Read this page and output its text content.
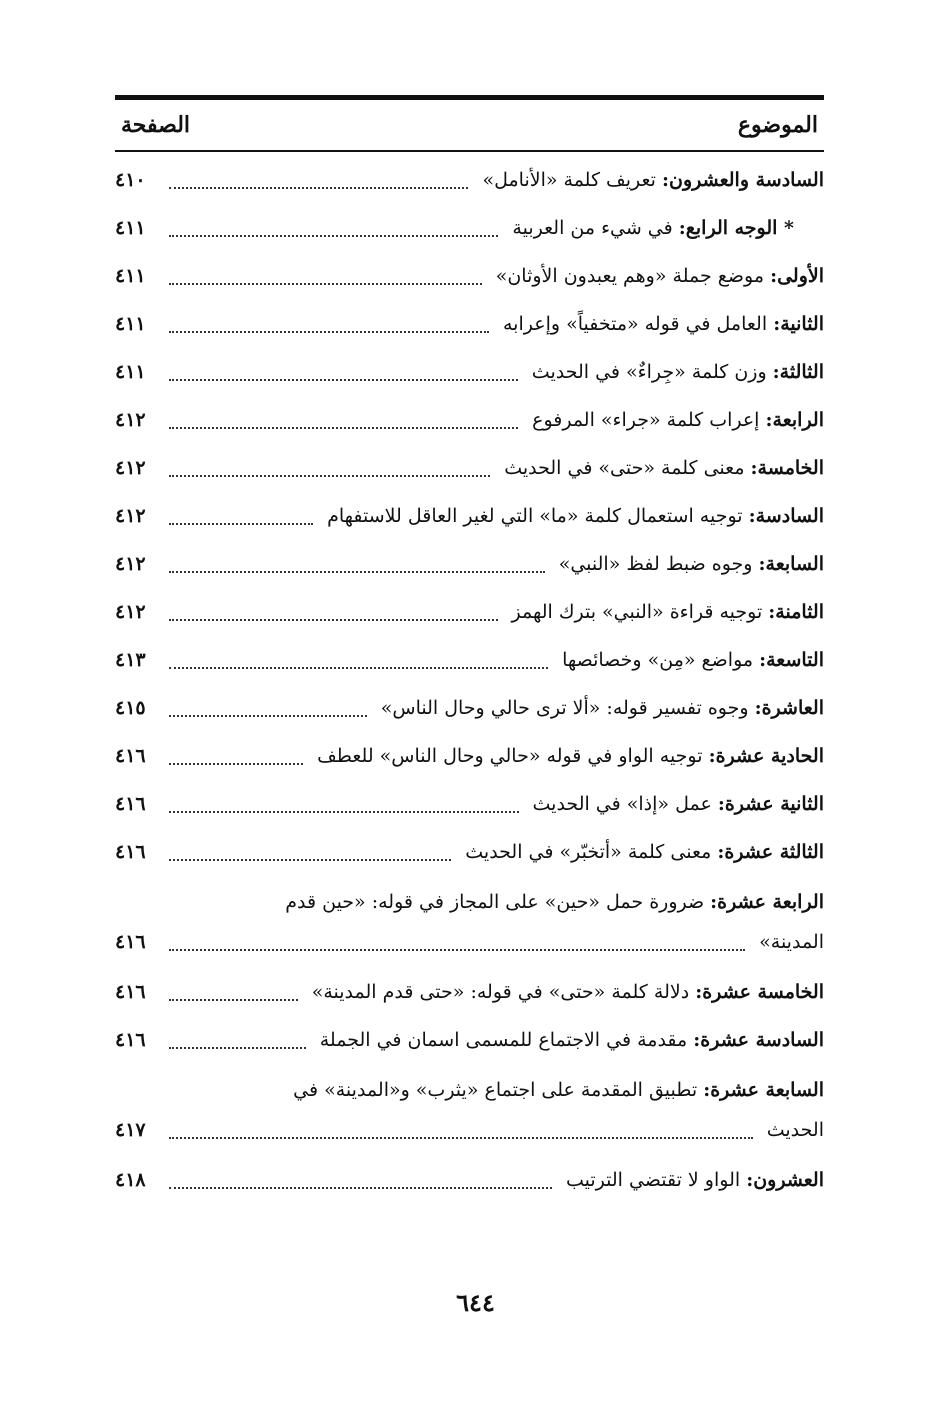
الموضوع
الصفحة
السادسة والعشرون: تعريف كلمة «الأنامل»
٤١٠
* الوجه الرابع: في شيء من العربية
٤١١
الأولى: موضع جملة «وهم يعبدون الأوثان»
٤١١
الثانية: العامل في قوله «متخفياً» وإعرابه
٤١١
الثالثة: وزن كلمة «جِراءٌ» في الحديث
٤١١
الرابعة: إعراب كلمة «جراء» المرفوع
٤١٢
الخامسة: معنى كلمة «حتى» في الحديث
٤١٢
السادسة: توجيه استعمال كلمة «ما» التي لغير العاقل للاستفهام
٤١٢
السابعة: وجوه ضبط لفظ «النبي»
٤١٢
الثامنة: توجيه قراءة «النبي» بترك الهمز
٤١٢
التاسعة: مواضع «مِن» وخصائصها
٤١٣
العاشرة: وجوه تفسير قوله: «ألا ترى حالي وحال الناس»
٤١٥
الحادية عشرة: توجيه الواو في قوله «حالي وحال الناس» للعطف
٤١٦
الثانية عشرة: عمل «إذا» في الحديث
٤١٦
الثالثة عشرة: معنى كلمة «أتخبّر» في الحديث
٤١٦
الرابعة عشرة:

ضرورة حمل «حين» على المجاز في قوله: «حين قدم
المدينة»
٤١٦
الخامسة عشرة: دلالة كلمة «حتى» في قوله: «حتى قدم المدينة»
٤١٦
السادسة عشرة: مقدمة في الاجتماع للمسمى اسمان في الجملة
٤١٦
السابعة عشرة:

تطبيق المقدمة على اجتماع «يثرب» و«المدينة» في
الحديث
٤١٧
العشرون: الواو لا تقتضي الترتيب
٤١٨
٦٤٤
